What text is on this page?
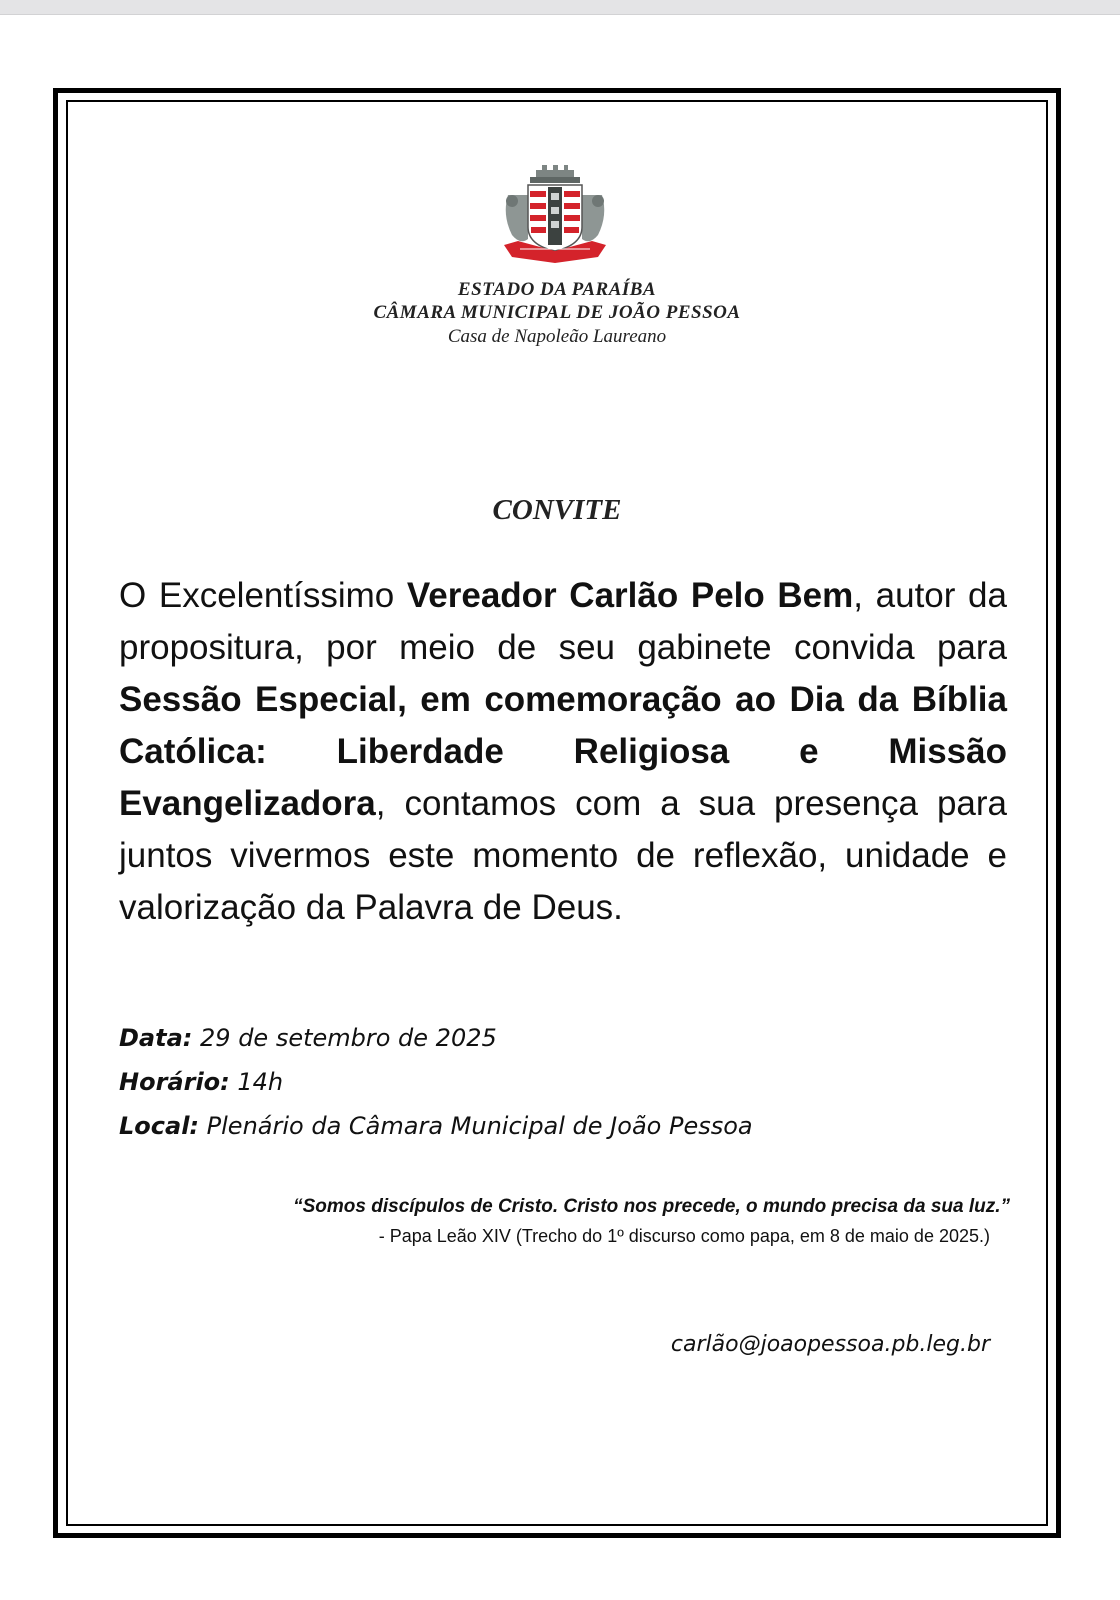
ESTADO DA PARAÍBA
CÂMARA MUNICIPAL DE JOÃO PESSOA
Casa de Napoleão Laureano
CONVITE
O Excelentíssimo Vereador Carlão Pelo Bem, autor da propositura, por meio de seu gabinete convida para Sessão Especial, em comemoração ao Dia da Bíblia Católica: Liberdade Religiosa e Missão Evangelizadora, contamos com a sua presença para juntos vivermos este momento de reflexão, unidade e valorização da Palavra de Deus.
Data: 29 de setembro de 2025
Horário: 14h
Local: Plenário da Câmara Municipal de João Pessoa
“Somos discípulos de Cristo. Cristo nos precede, o mundo precisa da sua luz.”
- Papa Leão XIV (Trecho do 1º discurso como papa, em 8 de maio de 2025.)
carlão@joaopessoa.pb.leg.br
